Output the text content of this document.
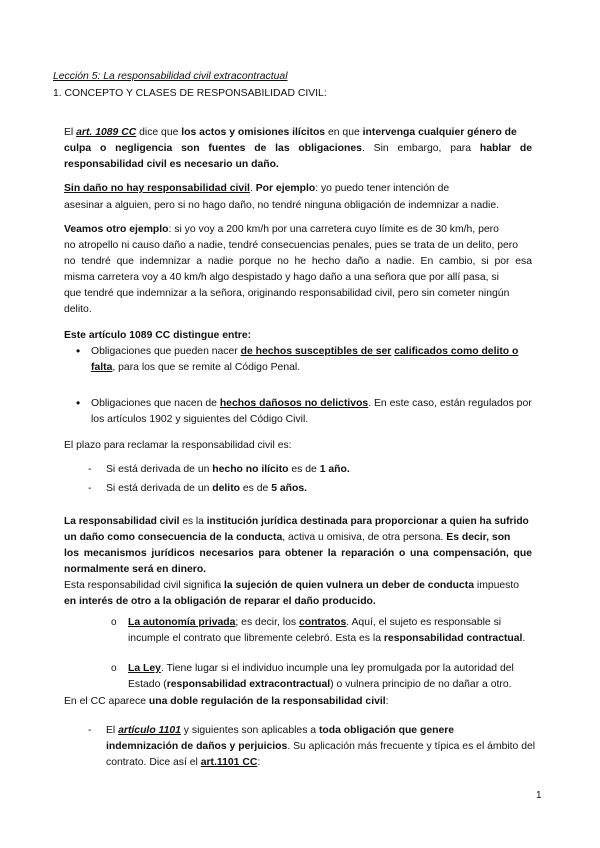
Lección 5: La responsabilidad civil extracontractual
1. CONCEPTO Y CLASES DE RESPONSABILIDAD CIVIL:
El art. 1089 CC dice que los actos y omisiones ilícitos en que intervenga cualquier género de
culpa o negligencia son fuentes de las obligaciones. Sin embargo, para hablar de
responsabilidad civil es necesario un daño.
Sin daño no hay responsabilidad civil. Por ejemplo: yo puedo tener intención de
asesinar a alguien, pero si no hago daño, no tendré ninguna obligación de indemnizar a nadie.
Veamos otro ejemplo: si yo voy a 200 km/h por una carretera cuyo límite es de 30 km/h, pero
no atropello ni causo daño a nadie, tendré consecuencias penales, pues se trata de un delito, pero
no tendré que indemnizar a nadie porque no he hecho daño a nadie. En cambio, si por esa
misma carretera voy a 40 km/h algo despistado y hago daño a una señora que por allí pasa, si
que tendré que indemnizar a la señora, originando responsabilidad civil, pero sin cometer ningún
delito.
Este artículo 1089 CC distingue entre:
• Obligaciones que pueden nacer de hechos susceptibles de ser calificados como delito o
falta, para los que se remite al Código Penal.
• Obligaciones que nacen de hechos dañosos no delictivos. En este caso, están regulados por
los artículos 1902 y siguientes del Código Civil.
El plazo para reclamar la responsabilidad civil es:
- Si está derivada de un hecho no ilícito es de 1 año.
- Si está derivada de un delito es de 5 años.
La responsabilidad civil es la institución jurídica destinada para proporcionar a quien ha sufrido
un daño como consecuencia de la conducta, activa u omisiva, de otra persona. Es decir, son
los mecanismos jurídicos necesarios para obtener la reparación o una compensación, que
normalmente será en dinero.
Esta responsabilidad civil significa la sujeción de quien vulnera un deber de conducta impuesto
en interés de otro a la obligación de reparar el daño producido.
o La autonomía privada; es decir, los contratos. Aquí, el sujeto es responsable si
incumple el contrato que libremente celebró. Esta es la responsabilidad contractual.
o La Ley. Tiene lugar si el individuo incumple una ley promulgada por la autoridad del
Estado (responsabilidad extracontractual) o vulnera principio de no dañar a otro.
En el CC aparece una doble regulación de la responsabilidad civil:
- El artículo 1101 y siguientes son aplicables a toda obligación que genere
indemnización de daños y perjuicios. Su aplicación más frecuente y típica es el ámbito del
contrato. Dice así el art.1101 CC:
1
